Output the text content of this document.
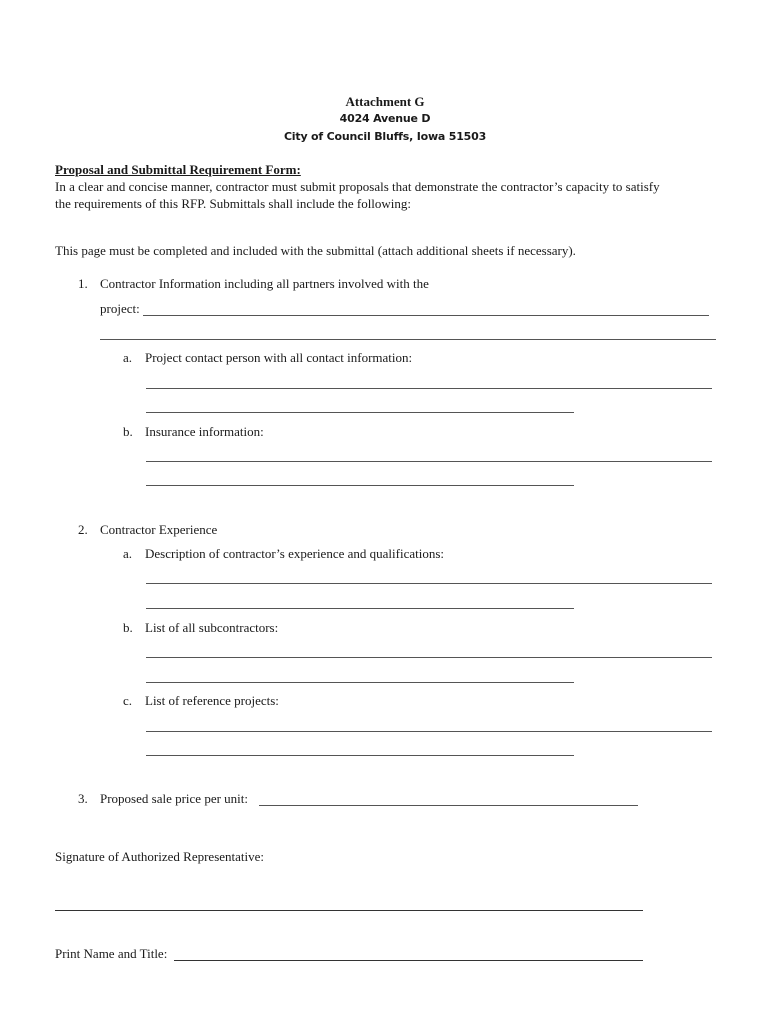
Attachment G
4024 Avenue D
City of Council Bluffs, Iowa 51503
Proposal and Submittal Requirement Form:
In a clear and concise manner, contractor must submit proposals that demonstrate the contractor’s capacity to satisfy
the requirements of this RFP. Submittals shall include the following:
This page must be completed and included with the submittal (attach additional sheets if necessary).
1. Contractor Information including all partners involved with the
project:
a. Project contact person with all contact information:
b. Insurance information:
2. Contractor Experience
a. Description of contractor’s experience and qualifications:
b. List of all subcontractors:
c. List of reference projects:
3. Proposed sale price per unit:
Signature of Authorized Representative:
Print Name and Title:
